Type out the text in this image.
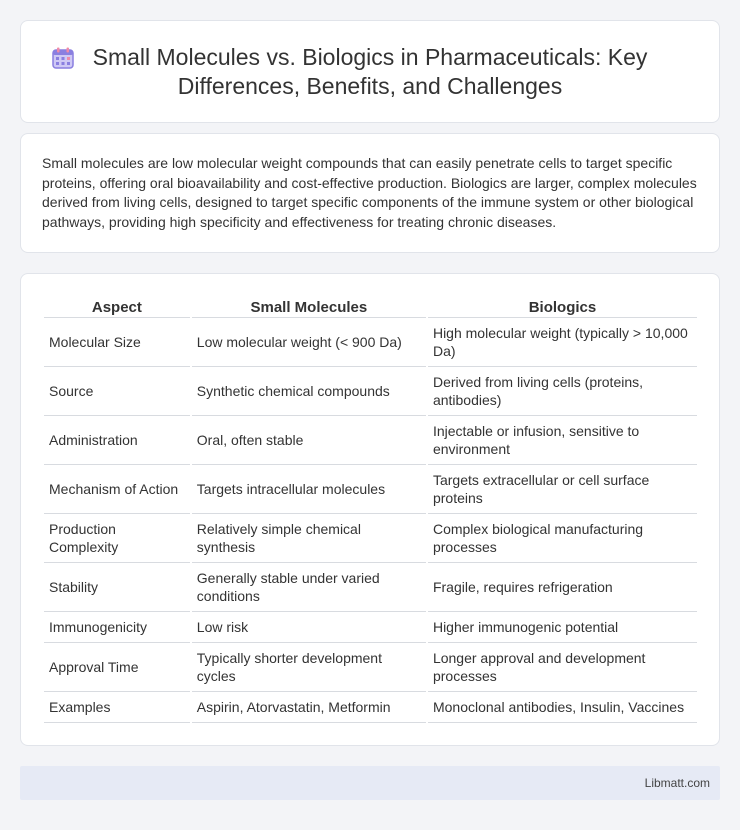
Small Molecules vs. Biologics in Pharmaceuticals: Key Differences, Benefits, and Challenges

Small molecules are low molecular weight compounds that can easily penetrate cells to target specific proteins, offering oral bioavailability and cost-effective production. Biologics are larger, complex molecules derived from living cells, designed to target specific components of the immune system or other biological pathways, providing high specificity and effectiveness for treating chronic diseases.

Aspect	Small Molecules	Biologics
Molecular Size	Low molecular weight (< 900 Da)	High molecular weight (typically > 10,000 Da)
Source	Synthetic chemical compounds	Derived from living cells (proteins, antibodies)
Administration	Oral, often stable	Injectable or infusion, sensitive to environment
Mechanism of Action	Targets intracellular molecules	Targets extracellular or cell surface proteins
Production Complexity	Relatively simple chemical synthesis	Complex biological manufacturing processes
Stability	Generally stable under varied conditions	Fragile, requires refrigeration
Immunogenicity	Low risk	Higher immunogenic potential
Approval Time	Typically shorter development cycles	Longer approval and development processes
Examples	Aspirin, Atorvastatin, Metformin	Monoclonal antibodies, Insulin, Vaccines
Libmatt.com
